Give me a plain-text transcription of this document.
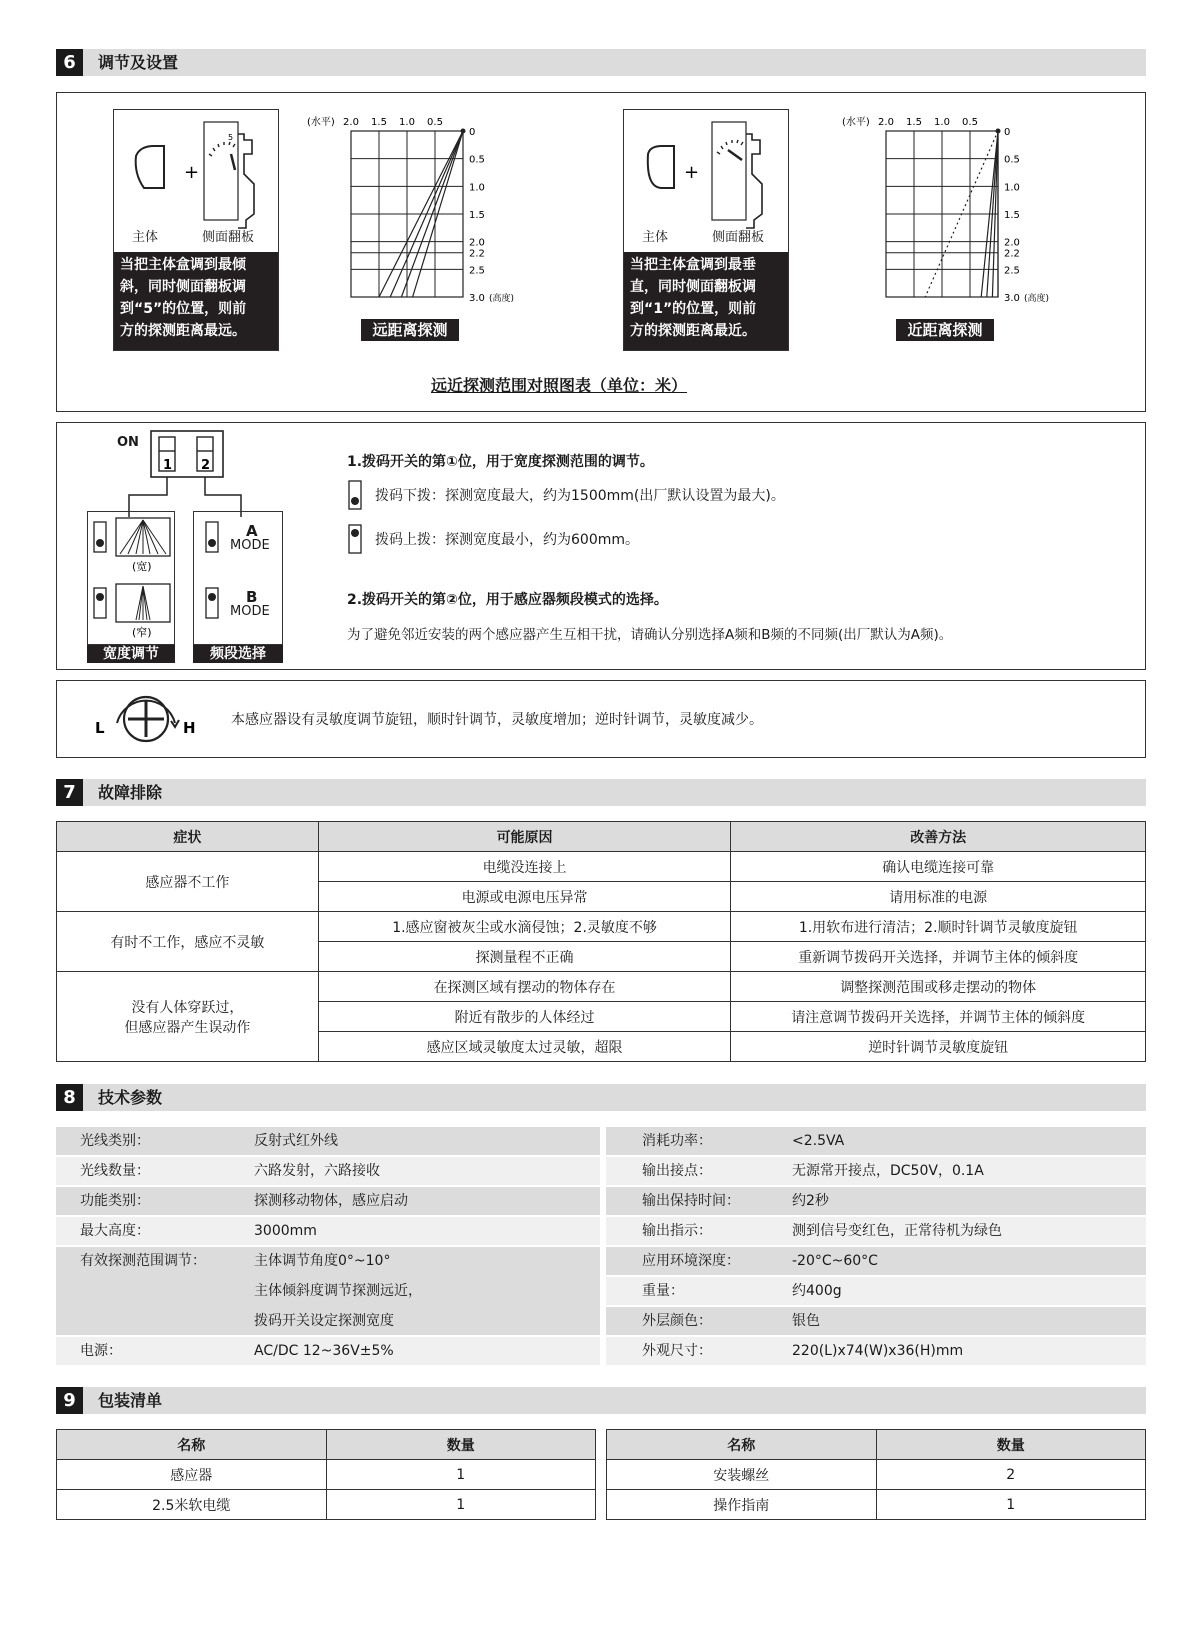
6	调节及设置
+
5
主体	侧面翻板
当把主体盒调到最倾
斜，同时侧面翻板调
到“5”的位置，则前
方的探测距离最远。
(水平) 2.0 1.5 1.0 0.5
0
0.5
1.0
1.5
2.0
2.2
2.5
3.0 (高度)
远距离探测
+
主体	侧面翻板
当把主体盒调到最垂
直，同时侧面翻板调
到“1”的位置，则前
方的探测距离最近。
(水平) 2.0 1.5 1.0 0.5
0
0.5
1.0
1.5
2.0
2.2
2.5
3.0 (高度)
近距离探测
远近探测范围对照图表（单位：米）
ON
1 2
(宽)
(窄)
宽度调节
A
MODE
B
MODE
频段选择
1.拨码开关的第①位，用于宽度探测范围的调节。
拨码下拨：探测宽度最大，约为1500mm(出厂默认设置为最大)。
拨码上拨：探测宽度最小，约为600mm。
2.拨码开关的第②位，用于感应器频段模式的选择。
为了避免邻近安装的两个感应器产生互相干扰，请确认分别选择A频和B频的不同频(出厂默认为A频)。
L	H	本感应器设有灵敏度调节旋钮，顺时针调节，灵敏度增加；逆时针调节，灵敏度减少。
7	故障排除
症状	可能原因	改善方法
感应器不工作	电缆没连接上	确认电缆连接可靠
	电源或电源电压异常	请用标准的电源
有时不工作，感应不灵敏	1.感应窗被灰尘或水滴侵蚀；2.灵敏度不够	1.用软布进行清洁；2.顺时针调节灵敏度旋钮
	探测量程不正确	重新调节拨码开关选择，并调节主体的倾斜度

没有人体穿跃过，
但感应器产生误动作	在探测区域有摆动的物体存在	调整探测范围或移走摆动的物体
	附近有散步的人体经过	请注意调节拨码开关选择，并调节主体的倾斜度
	感应区域灵敏度太过灵敏，超限	逆时针调节灵敏度旋钮
8	技术参数
光线类别：	反射式红外线
光线数量：	六路发射，六路接收
功能类别：	探测移动物体，感应启动
最大高度：	3000mm
有效探测范围调节：	主体调节角度0°~10°
主体倾斜度调节探测远近，
拨码开关设定探测宽度
电源：	AC/DC 12~36V±5%
消耗功率：	<2.5VA
输出接点：	无源常开接点，DC50V，0.1A
输出保持时间：	约2秒
输出指示：	测到信号变红色，正常待机为绿色
应用环境深度：	-20°C~60°C
重量：	约400g
外层颜色：	银色
外观尺寸：	220(L)x74(W)x36(H)mm
9	包装清单
名称	数量
感应器	1
2.5米软电缆	1
名称	数量
安装螺丝	2
操作指南	1
